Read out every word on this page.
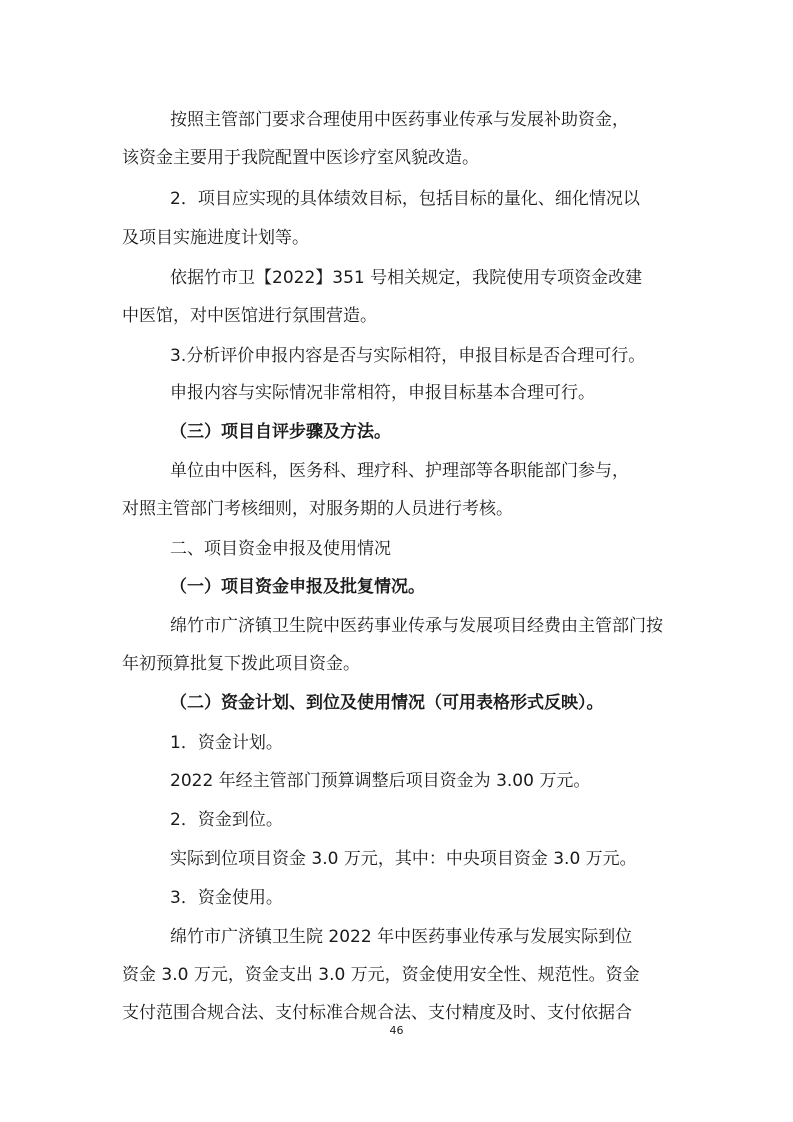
按照主管部门要求合理使用中医药事业传承与发展补助资金，
该资金主要用于我院配置中医诊疗室风貌改造。
2．项目应实现的具体绩效目标，包括目标的量化、细化情况以
及项目实施进度计划等。
依据竹市卫【2022】351 号相关规定，我院使用专项资金改建
中医馆，对中医馆进行氛围营造。
3.分析评价申报内容是否与实际相符，申报目标是否合理可行。
申报内容与实际情况非常相符，申报目标基本合理可行。
（三）项目自评步骤及方法。
单位由中医科，医务科、理疗科、护理部等各职能部门参与，
对照主管部门考核细则，对服务期的人员进行考核。
二、项目资金申报及使用情况
（一）项目资金申报及批复情况。
绵竹市广济镇卫生院中医药事业传承与发展项目经费由主管部门按
年初预算批复下拨此项目资金。
（二）资金计划、到位及使用情况（可用表格形式反映）。
1．资金计划。
2022 年经主管部门预算调整后项目资金为 3.00 万元。
2．资金到位。
实际到位项目资金 3.0 万元，其中：中央项目资金 3.0 万元。
3．资金使用。
绵竹市广济镇卫生院 2022 年中医药事业传承与发展实际到位
资金 3.0 万元，资金支出 3.0 万元，资金使用安全性、规范性。资金
支付范围合规合法、支付标准合规合法、支付精度及时、支付依据合
46
